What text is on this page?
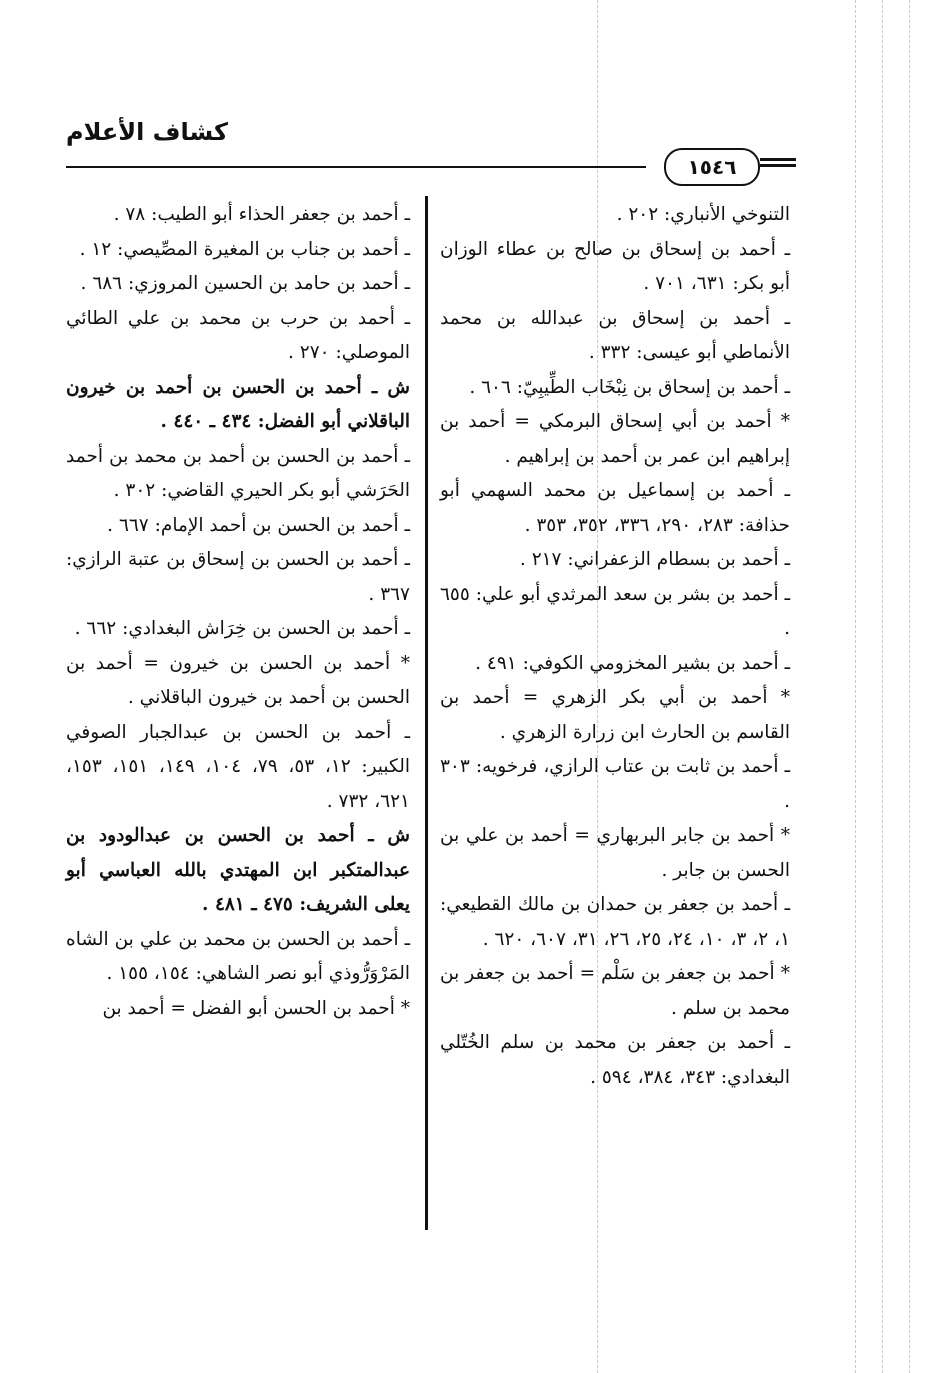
كشاف الأعلام
١٥٤٦

التنوخي الأنباري: ٢٠٢ .

ـ أحمد بن إسحاق بن صالح بن عطاء الوزان أبو بكر: ٦٣١، ٧٠١ .

ـ أحمد بن إسحاق بن عبدالله بن محمد الأنماطي أبو عيسى: ٣٣٢ .

ـ أحمد بن إسحاق بن نِبْخَاب الطِّيبِيّ: ٦٠٦ .

* أحمد بن أبي إسحاق البرمكي = أحمد بن إبراهيم ابن عمر بن أحمد بن إبراهيم .

ـ أحمد بن إسماعيل بن محمد السهمي أبو حذافة: ٢٨٣، ٢٩٠، ٣٣٦، ٣٥٢، ٣٥٣ .

ـ أحمد بن بسطام الزعفراني: ٢١٧ .

ـ أحمد بن بشر بن سعد المرثدي أبو علي: ٦٥٥ .

ـ أحمد بن بشير المخزومي الكوفي: ٤٩١ .

* أحمد بن أبي بكر الزهري = أحمد بن القاسم بن الحارث ابن زرارة الزهري .

ـ أحمد بن ثابت بن عتاب الرازي، فرخويه: ٣٠٣ .

* أحمد بن جابر البربهاري = أحمد بن علي بن الحسن بن جابر .

ـ أحمد بن جعفر بن حمدان بن مالك القطيعي: ١، ٢، ٣، ١٠، ٢٤، ٢٥، ٢٦، ٣١، ٦٠٧، ٦٢٠ .

* أحمد بن جعفر بن سَلْم = أحمد بن جعفر بن محمد بن سلم .

ـ أحمد بن جعفر بن محمد بن سلم الخُتّلي البغدادي: ٣٤٣، ٣٨٤، ٥٩٤ .

ـ أحمد بن جعفر الحذاء أبو الطيب: ٧٨ .

ـ أحمد بن جناب بن المغيرة المصِّيصي: ١٢ .

ـ أحمد بن حامد بن الحسين المروزي: ٦٨٦ .

ـ أحمد بن حرب بن محمد بن علي الطائي الموصلي: ٢٧٠ .

ش ـ أحمد بن الحسن بن أحمد بن خيرون الباقلاني أبو الفضل: ٤٣٤ ـ ٤٤٠ .

ـ أحمد بن الحسن بن أحمد بن محمد بن أحمد الحَرَشي أبو بكر الحيري القاضي: ٣٠٢ .

ـ أحمد بن الحسن بن أحمد الإمام: ٦٦٧ .

ـ أحمد بن الحسن بن إسحاق بن عتبة الرازي: ٣٦٧ .

ـ أحمد بن الحسن بن خِرَاش البغدادي: ٦٦٢ .

* أحمد بن الحسن بن خيرون = أحمد بن الحسن بن أحمد بن خيرون الباقلاني .

ـ أحمد بن الحسن بن عبدالجبار الصوفي الكبير: ١٢، ٥٣، ٧٩، ١٠٤، ١٤٩، ١٥١، ١٥٣، ٦٢١، ٧٣٢ .

ش ـ أحمد بن الحسن بن عبدالودود بن عبدالمتكبر ابن المهتدي بالله العباسي أبو يعلى الشريف: ٤٧٥ ـ ٤٨١ .

ـ أحمد بن الحسن بن محمد بن علي بن الشاه المَرْوَرُّوذي أبو نصر الشاهي: ١٥٤، ١٥٥ .

* أحمد بن الحسن أبو الفضل = أحمد بن
